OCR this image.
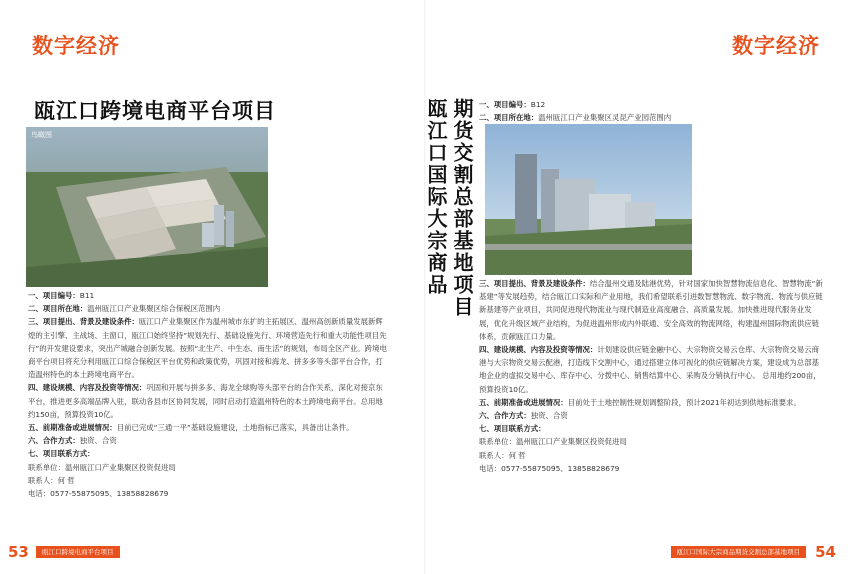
数字经济
瓯江口跨境电商平台项目
鸟瞰图

一、项目编号：B11

二、项目所在地：温州瓯江口产业集聚区综合保税区范围内

三、项目提出、背景及建设条件：瓯江口产业集聚区作为温州城市东扩的主拓展区、温州高创新质量发展新辉煌的主引擎、主战场、主窗口，瓯江口始终坚持“规划先行、基础设施先行、环境营造先行和重大功能性项目先行”的开发建设要求，突出产城融合创新发展。按照“北生产、中生态、南生活”的规划，布局全区产业。跨境电商平台项目将充分利用瓯江口综合保税区平台优势和政策优势，巩固对接和海龙、拼多多等头部平台合作，打造温州特色的本土跨境电商平台。

四、建设规模、内容及投资等情况：巩固和开展与拼多多、海龙全球购等头部平台的合作关系，深化对接京东平台，推进更多高端品牌入驻，联动各县市区协同发展，同时启动打造温州特色的本土跨境电商平台。总用地约150亩，预算投资10亿。

五、前期准备或进展情况：目前已完成“三通一平”基础设施建设，土地指标已落实，具备出让条件。

六、合作方式：独资、合资

七、项目联系方式：

联系单位：温州瓯江口产业集聚区投资促进局

联系人：何 哲

电话：0577-55875095、13858828679

53	瓯江口跨境电商平台项目
数字经济
瓯江口国际大宗商品期货交割总部基地项目	54
期货交割总部基地项目
瓯江口国际大宗商品	一、项目编号：B12

二、项目所在地：温州瓯江口产业集聚区灵昆产业园范围内

三、项目提出、背景及建设条件：结合温州交通及陆港优势，针对国家加快智慧物流信息化、智慧物流“新基建”等发展趋势，结合瓯江口实际和产业用地，我们希望联系引进数智慧物流、数字物流、物流与供应链新基建等产业项目，共同促进现代物流业与现代制造业高度融合、高质量发展。加快推进现代服务业发展，优化升级区域产业结构，为促进温州形成内外联通、安全高效的物流网络，构建温州国际物流供应链体系，贡献瓯江口力量。

四、建设规模、内容及投资等情况：计划建设供应链金融中心、大宗物资交易云仓库、大宗物资交易云商港与大宗物资交易云配港，打造线下交割中心，通过搭建立体可视化的供应链解决方案，建设成为总部基地企业的虚拟交易中心、库存中心、分拨中心、销售结算中心、采购及分销执行中心。 总用地约200亩，预算投资10亿。

五、前期准备或进展情况：目前处于土地控制性规划调整阶段，预计2021年初达到供地标准要求。

六、合作方式：独资、合资

七、项目联系方式：

联系单位：温州瓯江口产业集聚区投资促进局

联系人：何 哲

电话：0577-55875095、13858828679
